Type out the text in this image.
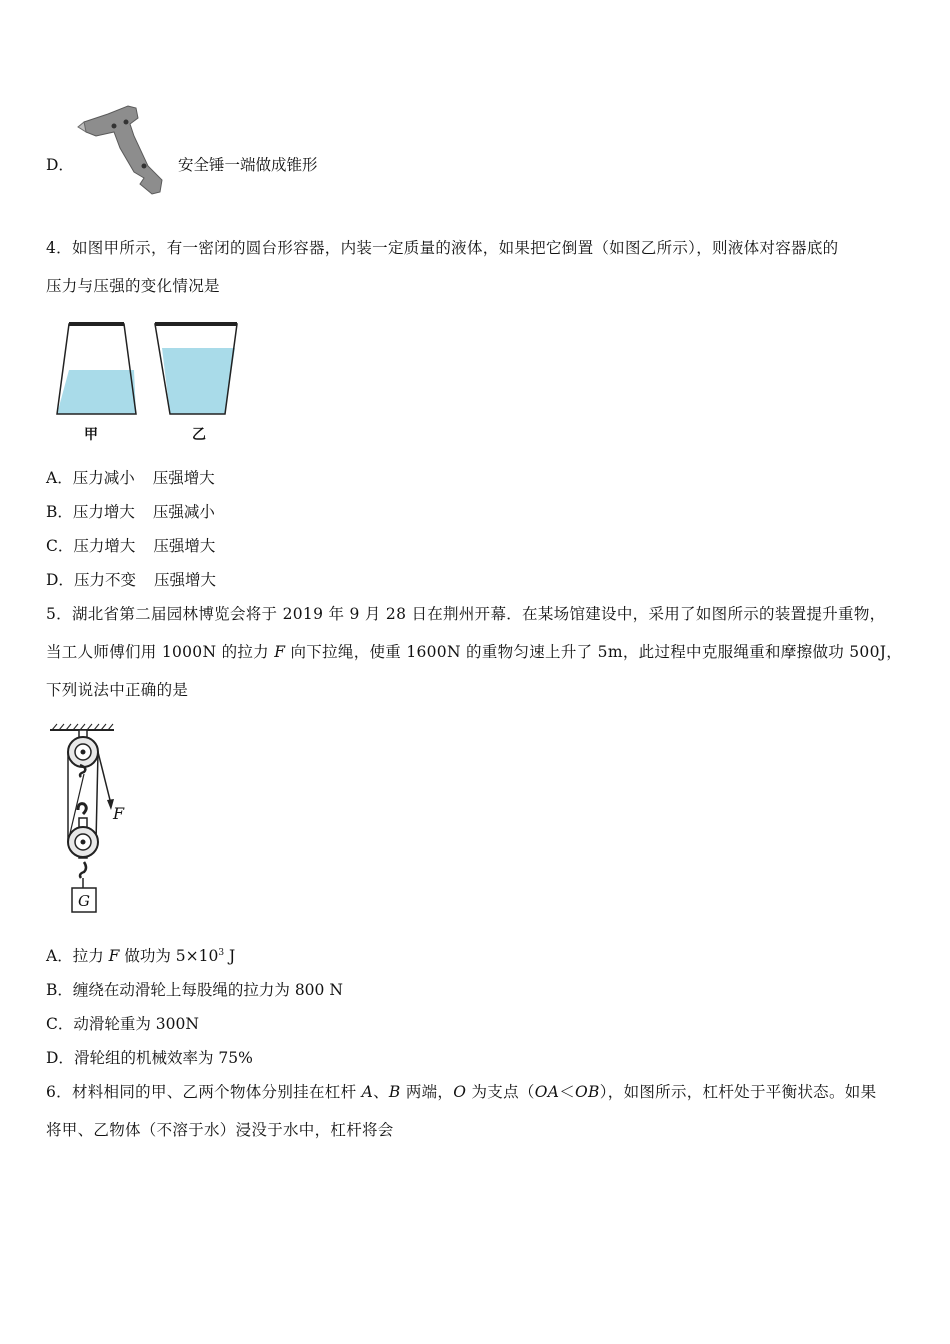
D．	安全锤一端做成锥形
4．如图甲所示，有一密闭的圆台形容器，内装一定质量的液体，如果把它倒置（如图乙所示），则液体对容器底的
压力与压强的变化情况是
甲	乙
A．压力减小 压强增大
B．压力增大 压强减小
C．压力增大 压强增大
D．压力不变 压强增大
5．湖北省第二届园林博览会将于 2019 年 9 月 28 日在荆州开幕．在某场馆建设中，采用了如图所示的装置提升重物，
当工人师傅们用 1000N 的拉力 F 向下拉绳，使重 1600N 的重物匀速上升了 5m，此过程中克服绳重和摩擦做功 500J，
下列说法中正确的是
F
G
A．拉力 F 做功为 $5\times 10^3$ J
B．缠绕在动滑轮上每股绳的拉力为 800 N
C．动滑轮重为 300N
D．滑轮组的机械效率为 75%
6．材料相同的甲、乙两个物体分别挂在杠杆 A、B 两端，O 为支点（OA＜OB），如图所示，杠杆处于平衡状态。如果
将甲、乙物体（不溶于水）浸没于水中，杠杆将会
